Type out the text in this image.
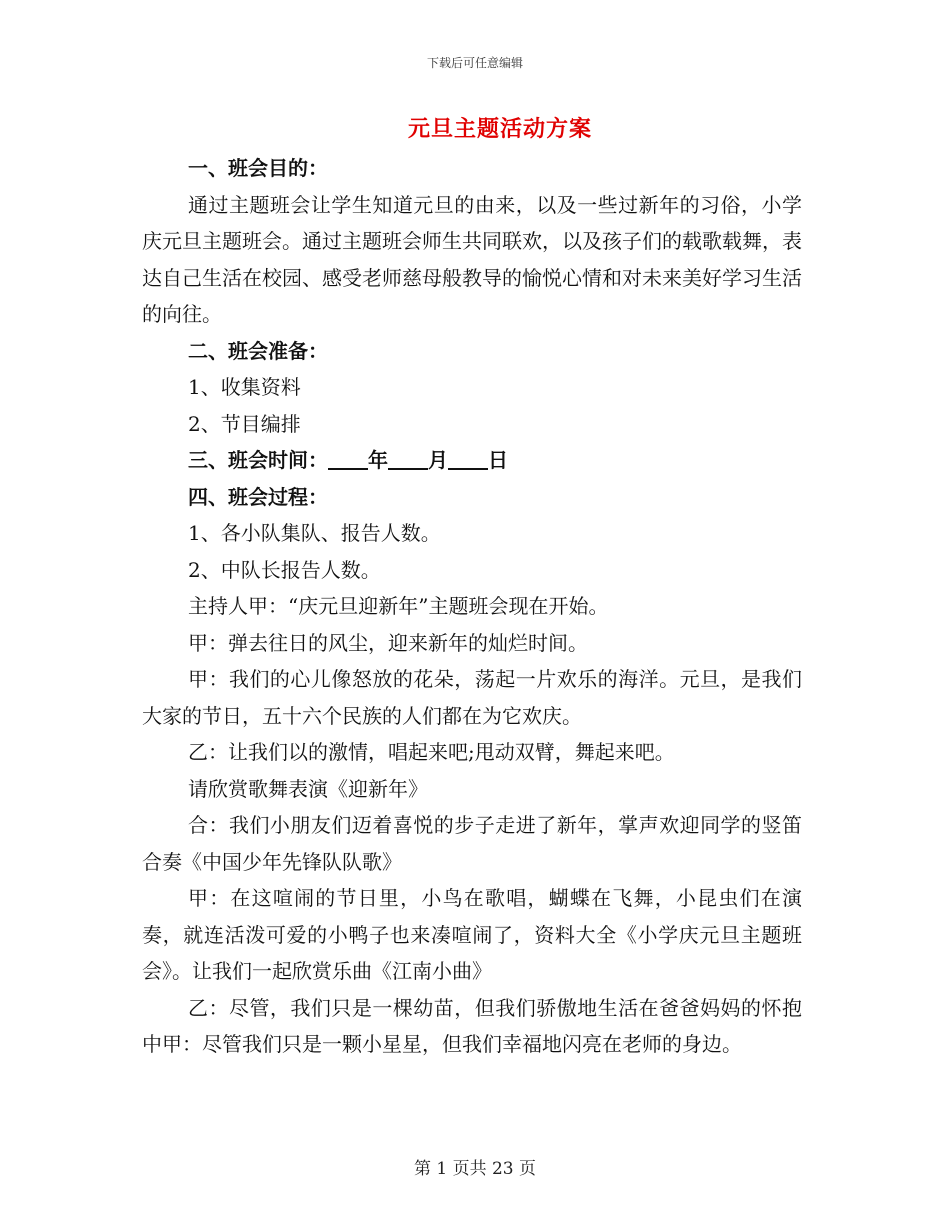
下载后可任意编辑
元旦主题活动方案

一、班会目的：

通过主题班会让学生知道元旦的由来，以及一些过新年的习俗，小学庆元旦主题班会。通过主题班会师生共同联欢，以及孩子们的载歌载舞，表达自己生活在校园、感受老师慈母般教导的愉悦心情和对未来美好学习生活的向往。

二、班会准备：

1、收集资料

2、节目编排

三、班会时间： 年 月 日

四、班会过程：

1、各小队集队、报告人数。

2、中队长报告人数。

主持人甲：“庆元旦迎新年”主题班会现在开始。

甲：弹去往日的风尘，迎来新年的灿烂时间。

甲：我们的心儿像怒放的花朵，荡起一片欢乐的海洋。元旦，是我们大家的节日，五十六个民族的人们都在为它欢庆。

乙：让我们以的激情，唱起来吧;甩动双臂，舞起来吧。

请欣赏歌舞表演《迎新年》

合：我们小朋友们迈着喜悦的步子走进了新年，掌声欢迎同学的竖笛合奏《中国少年先锋队队歌》

甲：在这喧闹的节日里，小鸟在歌唱，蝴蝶在飞舞，小昆虫们在演奏，就连活泼可爱的小鸭子也来凑喧闹了，资料大全《小学庆元旦主题班会》。让我们一起欣赏乐曲《江南小曲》

乙：尽管，我们只是一棵幼苗，但我们骄傲地生活在爸爸妈妈的怀抱中甲：尽管我们只是一颗小星星，但我们幸福地闪亮在老师的身边。

第 1 页共 23 页
